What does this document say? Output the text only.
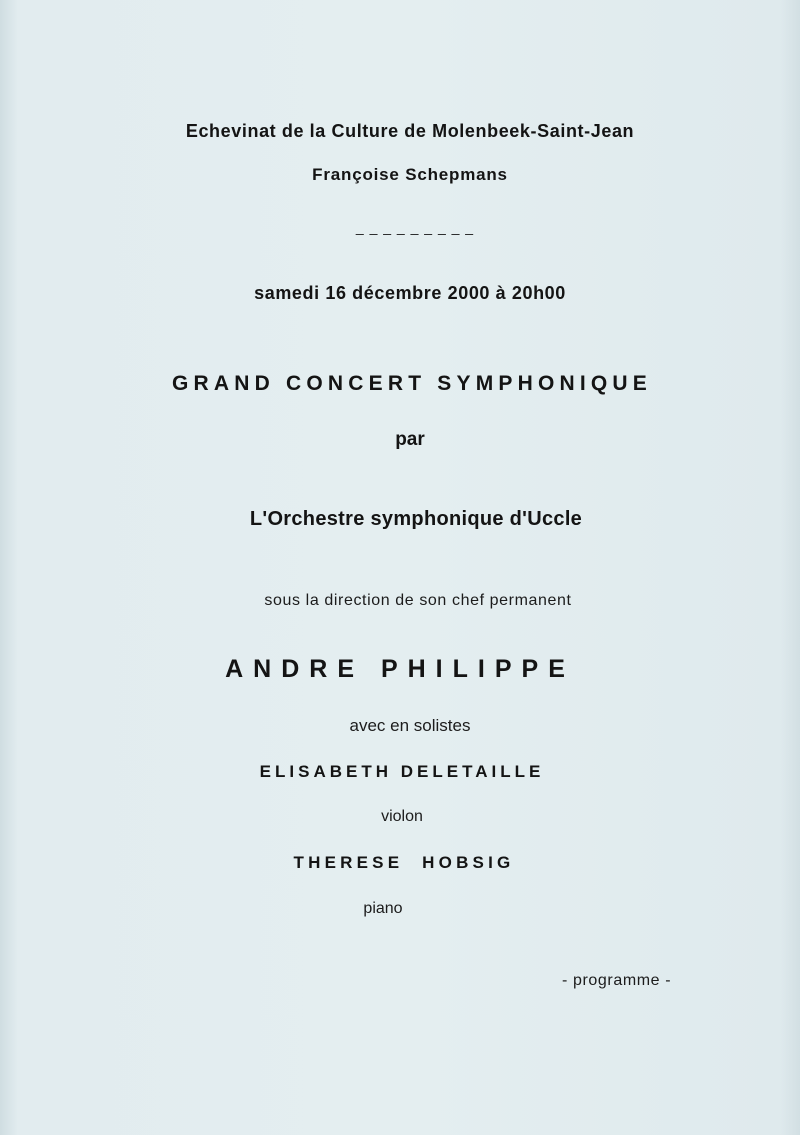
Echevinat de la Culture de Molenbeek-Saint-Jean
Françoise Schepmans
_ _ _ _ _ _ _ _ _
samedi 16 décembre 2000 à 20h00
GRAND CONCERT SYMPHONIQUE
par
L'Orchestre symphonique d'Uccle
sous la direction de son chef permanent
ANDRE PHILIPPE
avec en solistes
ELISABETH DELETAILLE
violon
THERESE HOBSIG
piano
- programme -
